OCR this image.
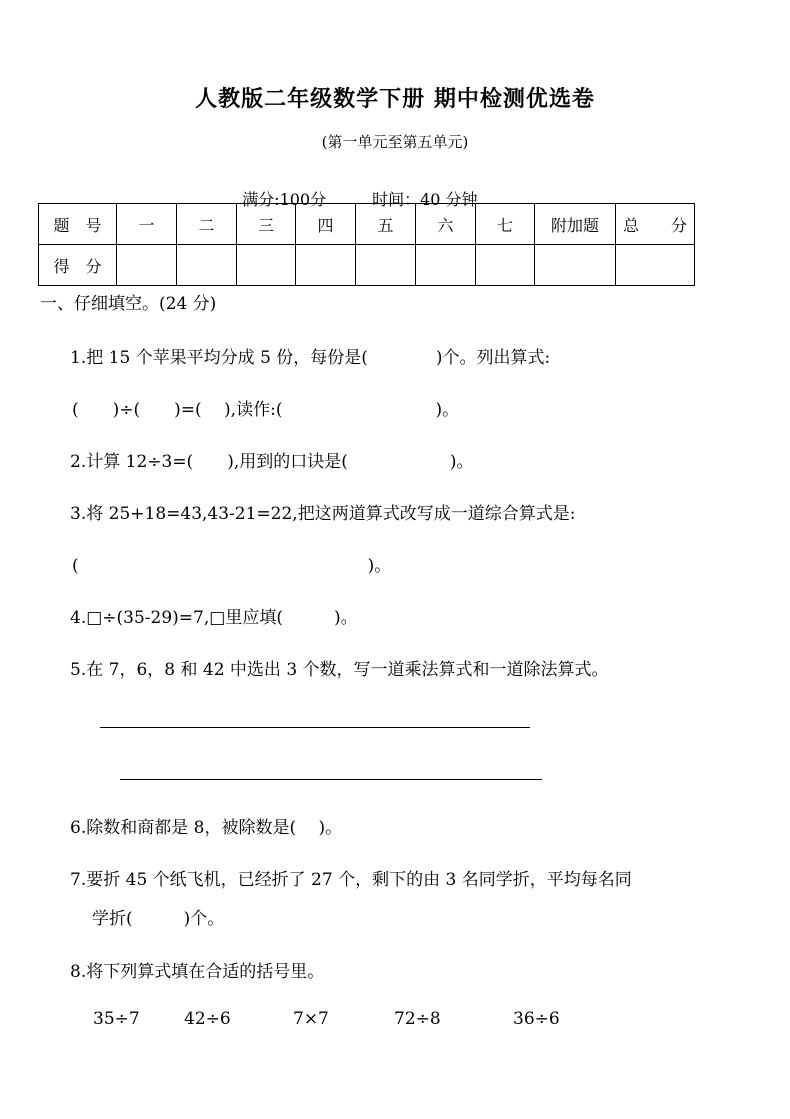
人教版二年级数学下册 期中检测优选卷
(第一单元至第五单元)

满分:100分	时间：40 分钟

题　号	一	二	三	四	五	六	七	附加题	总　　分
得　分									
一、仔细填空。(24 分)
1.把 15 个苹果平均分成 5 份，每份是(　　　　)个。列出算式:
(　　)÷(　　)=(　 ),读作:(　　　　　　　　　)。
2.计算 12÷3=(　　),用到的口诀是(　　　　　　)。
3.将 25+18=43,43-21=22,把这两道算式改写成一道综合算式是:
(　　　　　　　　　　　　　　　　　)。
4.□÷(35-29)=7,□里应填(　　　)。
5.在 7，6，8 和 42 中选出 3 个数，写一道乘法算式和一道除法算式。
6.除数和商都是 8，被除数是(　 )。
7.要折 45 个纸飞机，已经折了 27 个，剩下的由 3 名同学折，平均每名同
学折(　　　)个。
8.将下列算式填在合适的括号里。
35÷7	42÷6	7×7	72÷8	36÷6
